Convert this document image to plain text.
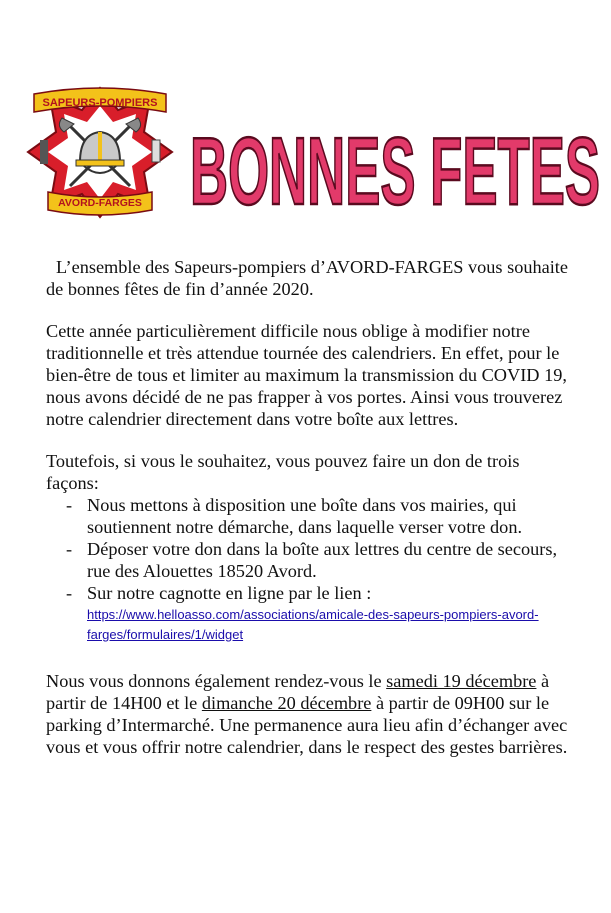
SAPEURS-POMPIERS
AVORD-FARGES BONNES FETES

L’ensemble des Sapeurs-pompiers d’AVORD-FARGES vous souhaite de bonnes fêtes de fin d’année 2020.

Cette année particulièrement difficile nous oblige à modifier notre traditionnelle et très attendue tournée des calendriers. En effet, pour le bien-être de tous et limiter au maximum la transmission du COVID 19, nous avons décidé de ne pas frapper à vos portes. Ainsi vous trouverez notre calendrier directement dans votre boîte aux lettres.

Toutefois, si vous le souhaitez, vous pouvez faire un don de trois façons:

- Nous mettons à disposition une boîte dans vos mairies, qui soutiennent notre démarche, dans laquelle verser votre don.
- Déposer votre don dans la boîte aux lettres du centre de secours, rue des Alouettes 18520 Avord.
- Sur notre cagnotte en ligne par le lien :
https://www.helloasso.com/associations/amicale-des-sapeurs-pompiers-avord-farges/formulaires/1/widget

Nous vous donnons également rendez-vous le samedi 19 décembre à partir de 14H00 et le dimanche 20 décembre à partir de 09H00 sur le parking d’Intermarché. Une permanence aura lieu afin d’échanger avec vous et vous offrir notre calendrier, dans le respect des gestes barrières.
